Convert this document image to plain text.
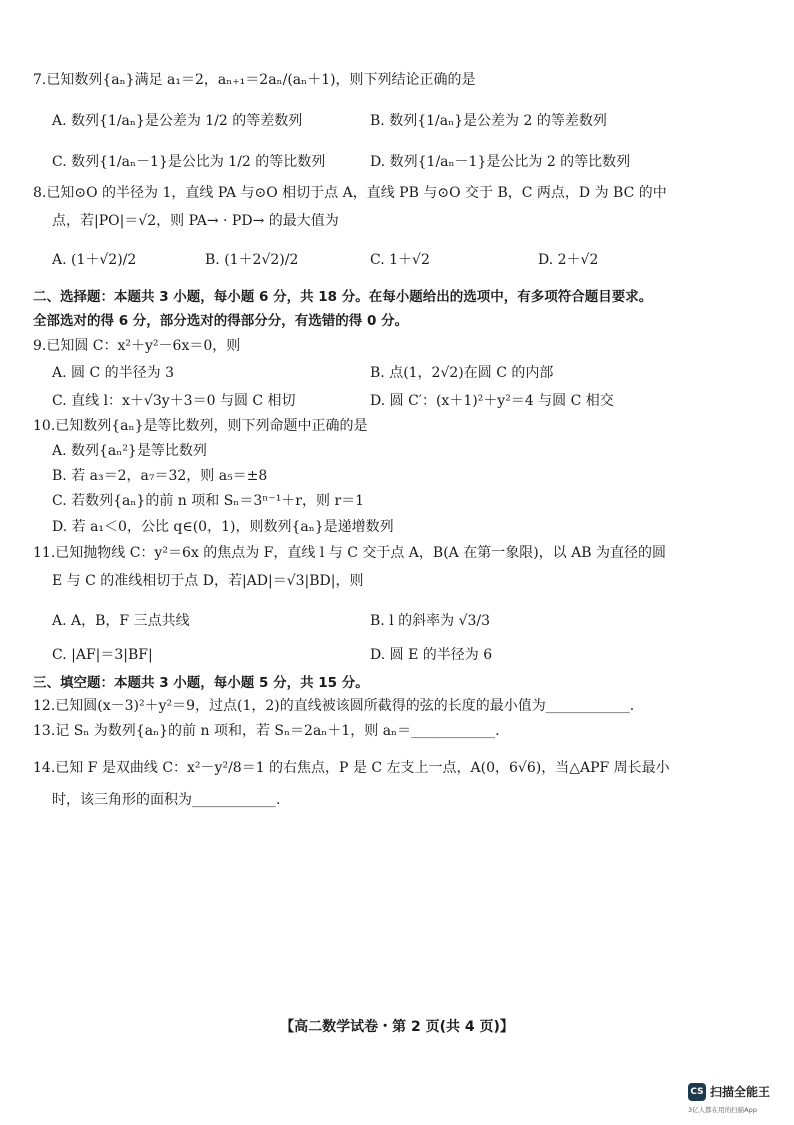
7.已知数列{aₙ}满足 a₁＝2，aₙ₊₁＝2aₙ/(aₙ＋1)，则下列结论正确的是
A. 数列{1/aₙ}是公差为 1/2 的等差数列	B. 数列{1/aₙ}是公差为 2 的等差数列
C. 数列{1/aₙ－1}是公比为 1/2 的等比数列	D. 数列{1/aₙ－1}是公比为 2 的等比数列
8.已知⊙O 的半径为 1，直线 PA 与⊙O 相切于点 A，直线 PB 与⊙O 交于 B，C 两点，D 为 BC 的中
点，若|PO|＝√2，则 PA→ · PD→ 的最大值为
A. (1＋√2)/2	B. (1＋2√2)/2	C. 1＋√2	D. 2＋√2
二、选择题：本题共 3 小题，每小题 6 分，共 18 分。在每小题给出的选项中，有多项符合题目要求。
全部选对的得 6 分，部分选对的得部分分，有选错的得 0 分。
9.已知圆 C：x²＋y²－6x＝0，则
A. 圆 C 的半径为 3	B. 点(1，2√2)在圆 C 的内部
C. 直线 l：x＋√3y＋3＝0 与圆 C 相切	D. 圆 C′：(x＋1)²＋y²＝4 与圆 C 相交
10.已知数列{aₙ}是等比数列，则下列命题中正确的是
A. 数列{aₙ²}是等比数列
B. 若 a₃＝2，a₇＝32，则 a₅＝±8
C. 若数列{aₙ}的前 n 项和 Sₙ＝3ⁿ⁻¹＋r，则 r＝1
D. 若 a₁＜0，公比 q∈(0，1)，则数列{aₙ}是递增数列
11.已知抛物线 C：y²＝6x 的焦点为 F，直线 l 与 C 交于点 A，B(A 在第一象限)，以 AB 为直径的圆
E 与 C 的准线相切于点 D，若|AD|＝√3|BD|，则
A. A，B，F 三点共线	B. l 的斜率为 √3/3
C. |AF|＝3|BF|	D. 圆 E 的半径为 6
三、填空题：本题共 3 小题，每小题 5 分，共 15 分。
12.已知圆(x－3)²＋y²＝9，过点(1，2)的直线被该圆所截得的弦的长度的最小值为____________.
13.记 Sₙ 为数列{aₙ}的前 n 项和，若 Sₙ＝2aₙ＋1，则 aₙ＝____________.
14.已知 F 是双曲线 C：x²－y²/8＝1 的右焦点，P 是 C 左支上一点，A(0，6√6)，当△APF 周长最小
时，该三角形的面积为____________.
【高二数学试卷・第 2 页(共 4 页)】
CS 扫描全能王
3亿人都在用的扫描App
